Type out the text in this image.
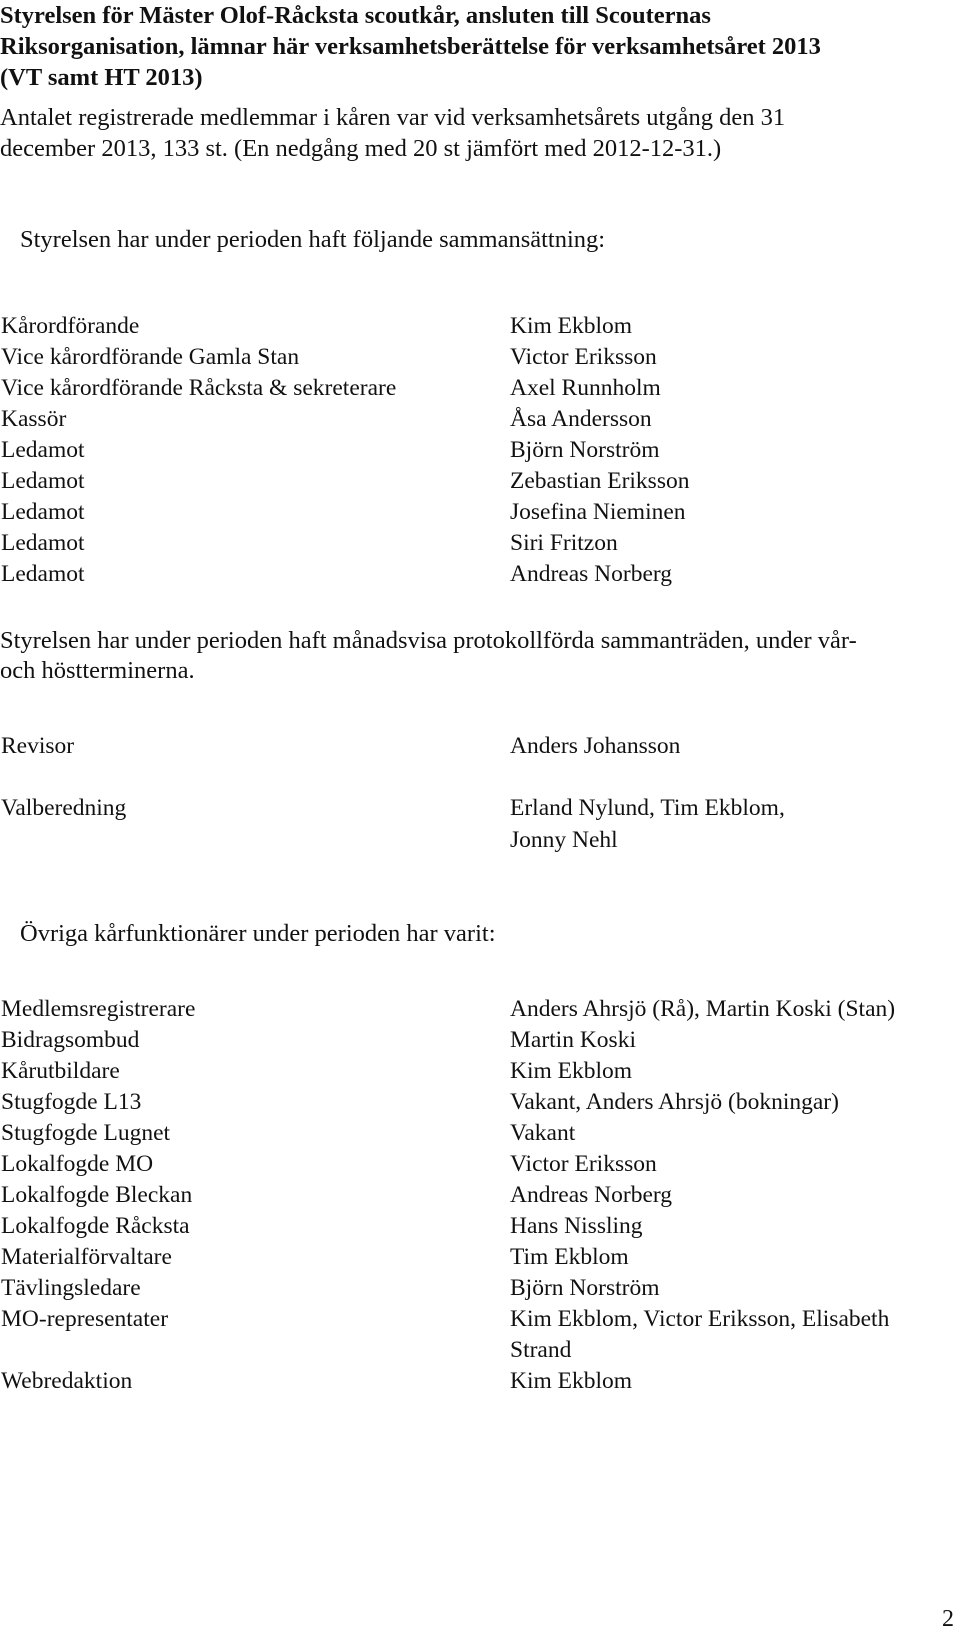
Styrelsen för Mäster Olof-Råcksta scoutkår, ansluten till Scouternas
Riksorganisation, lämnar här verksamhetsberättelse för verksamhetsåret 2013
(VT samt HT 2013)
Antalet registrerade medlemmar i kåren var vid verksamhetsårets utgång den 31
december 2013, 133 st. (En nedgång med 20 st jämfört med 2012-12-31.)
Styrelsen har under perioden haft följande sammansättning:
Kårordförande
Vice kårordförande Gamla Stan
Vice kårordförande Råcksta & sekreterare
Kassör
Ledamot
Ledamot
Ledamot
Ledamot
Ledamot
Kim Ekblom
Victor Eriksson
Axel Runnholm
Åsa Andersson
Björn Norström
Zebastian Eriksson
Josefina Nieminen
Siri Fritzon
Andreas Norberg
Styrelsen har under perioden haft månadsvisa protokollförda sammanträden, under vår-
och höstterminerna.
Revisor	Anders Johansson
Valberedning	Erland Nylund, Tim Ekblom,
Jonny Nehl
Övriga kårfunktionärer under perioden har varit:
Medlemsregistrerare
Bidragsombud
Kårutbildare
Stugfogde L13
Stugfogde Lugnet
Lokalfogde MO
Lokalfogde Bleckan
Lokalfogde Råcksta
Materialförvaltare
Tävlingsledare
MO-representater
Webredaktion
Anders Ahrsjö (Rå), Martin Koski (Stan)
Martin Koski
Kim Ekblom
Vakant, Anders Ahrsjö (bokningar)
Vakant
Victor Eriksson
Andreas Norberg
Hans Nissling
Tim Ekblom
Björn Norström
Kim Ekblom, Victor Eriksson, Elisabeth
Strand
Kim Ekblom
2
